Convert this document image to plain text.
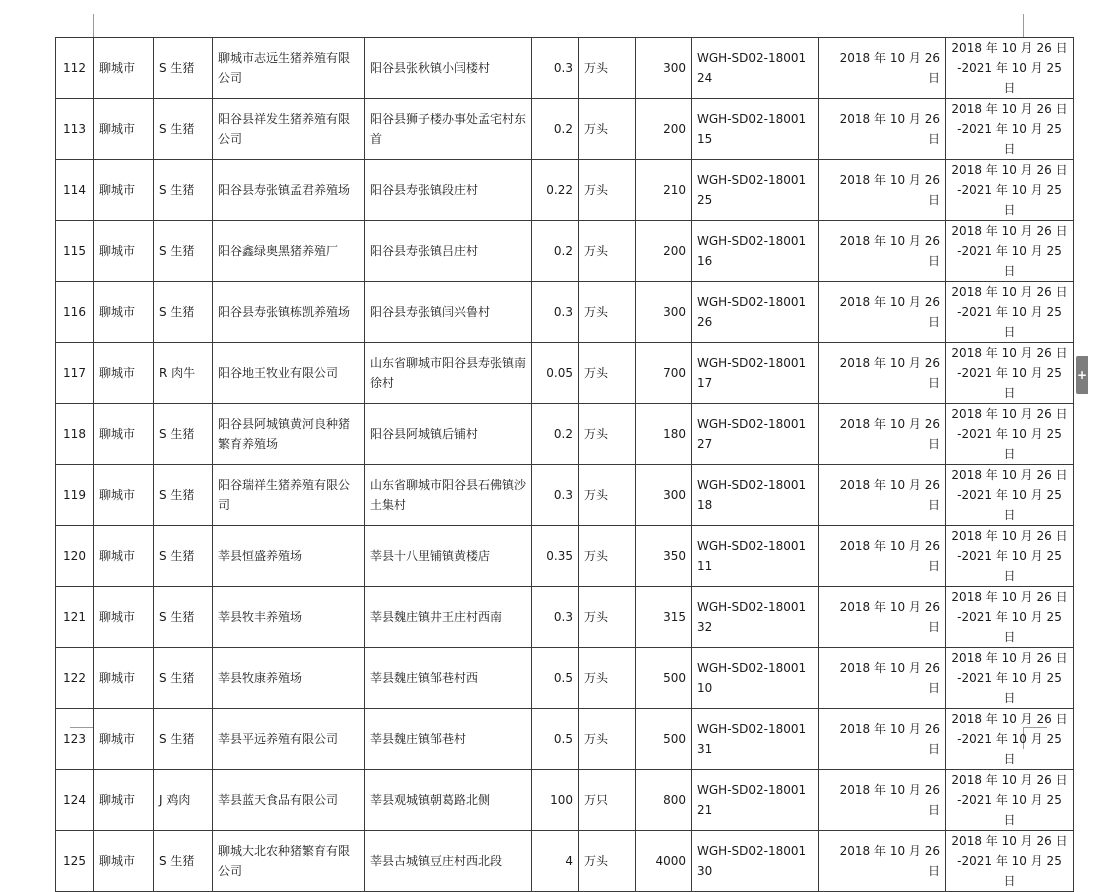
112	聊城市	S 生猪	聊城市志远生猪养殖有限公司	阳谷县张秋镇小闫楼村	0.3	万头	300	WGH-SD02-1800124	2018 年 10 月 26 日	2018 年 10 月 26 日
-2021 年 10 月 25 日

113	聊城市	S 生猪	阳谷县祥发生猪养殖有限公司	阳谷县狮子楼办事处孟宅村东首	0.2	万头	200	WGH-SD02-1800115	2018 年 10 月 26 日	2018 年 10 月 26 日
-2021 年 10 月 25 日

114	聊城市	S 生猪	阳谷县寿张镇孟君养殖场	阳谷县寿张镇段庄村	0.22	万头	210	WGH-SD02-1800125	2018 年 10 月 26 日	2018 年 10 月 26 日
-2021 年 10 月 25 日

115	聊城市	S 生猪	阳谷鑫绿奥黑猪养殖厂	阳谷县寿张镇吕庄村	0.2	万头	200	WGH-SD02-1800116	2018 年 10 月 26 日	2018 年 10 月 26 日
-2021 年 10 月 25 日

116	聊城市	S 生猪	阳谷县寿张镇栋凯养殖场	阳谷县寿张镇闫兴鲁村	0.3	万头	300	WGH-SD02-1800126	2018 年 10 月 26 日	2018 年 10 月 26 日
-2021 年 10 月 25 日

117	聊城市	R 肉牛	阳谷地王牧业有限公司	山东省聊城市阳谷县寿张镇南徐村	0.05	万头	700	WGH-SD02-1800117	2018 年 10 月 26 日	2018 年 10 月 26 日
-2021 年 10 月 25 日

118	聊城市	S 生猪	阳谷县阿城镇黄河良种猪繁育养殖场	阳谷县阿城镇后铺村	0.2	万头	180	WGH-SD02-1800127	2018 年 10 月 26 日	2018 年 10 月 26 日
-2021 年 10 月 25 日

119	聊城市	S 生猪	阳谷瑞祥生猪养殖有限公司	山东省聊城市阳谷县石佛镇沙土集村	0.3	万头	300	WGH-SD02-1800118	2018 年 10 月 26 日	2018 年 10 月 26 日
-2021 年 10 月 25 日

120	聊城市	S 生猪	莘县恒盛养殖场	莘县十八里铺镇黄楼店	0.35	万头	350	WGH-SD02-1800111	2018 年 10 月 26 日	2018 年 10 月 26 日
-2021 年 10 月 25 日

121	聊城市	S 生猪	莘县牧丰养殖场	莘县魏庄镇井王庄村西南	0.3	万头	315	WGH-SD02-1800132	2018 年 10 月 26 日	2018 年 10 月 26 日
-2021 年 10 月 25 日

122	聊城市	S 生猪	莘县牧康养殖场	莘县魏庄镇邹巷村西	0.5	万头	500	WGH-SD02-1800110	2018 年 10 月 26 日	2018 年 10 月 26 日
-2021 年 10 月 25 日

123	聊城市	S 生猪	莘县平远养殖有限公司	莘县魏庄镇邹巷村	0.5	万头	500	WGH-SD02-1800131	2018 年 10 月 26 日	2018 年 10 月 26 日
-2021 年 10 月 25 日

124	聊城市	J 鸡肉	莘县蓝天食品有限公司	莘县观城镇朝葛路北侧	100	万只	800	WGH-SD02-1800121	2018 年 10 月 26 日	2018 年 10 月 26 日
-2021 年 10 月 25 日

125	聊城市	S 生猪	聊城大北农种猪繁育有限公司	莘县古城镇豆庄村西北段	4	万头	4000	WGH-SD02-1800130	2018 年 10 月 26 日	2018 年 10 月 26 日
-2021 年 10 月 25 日
+
